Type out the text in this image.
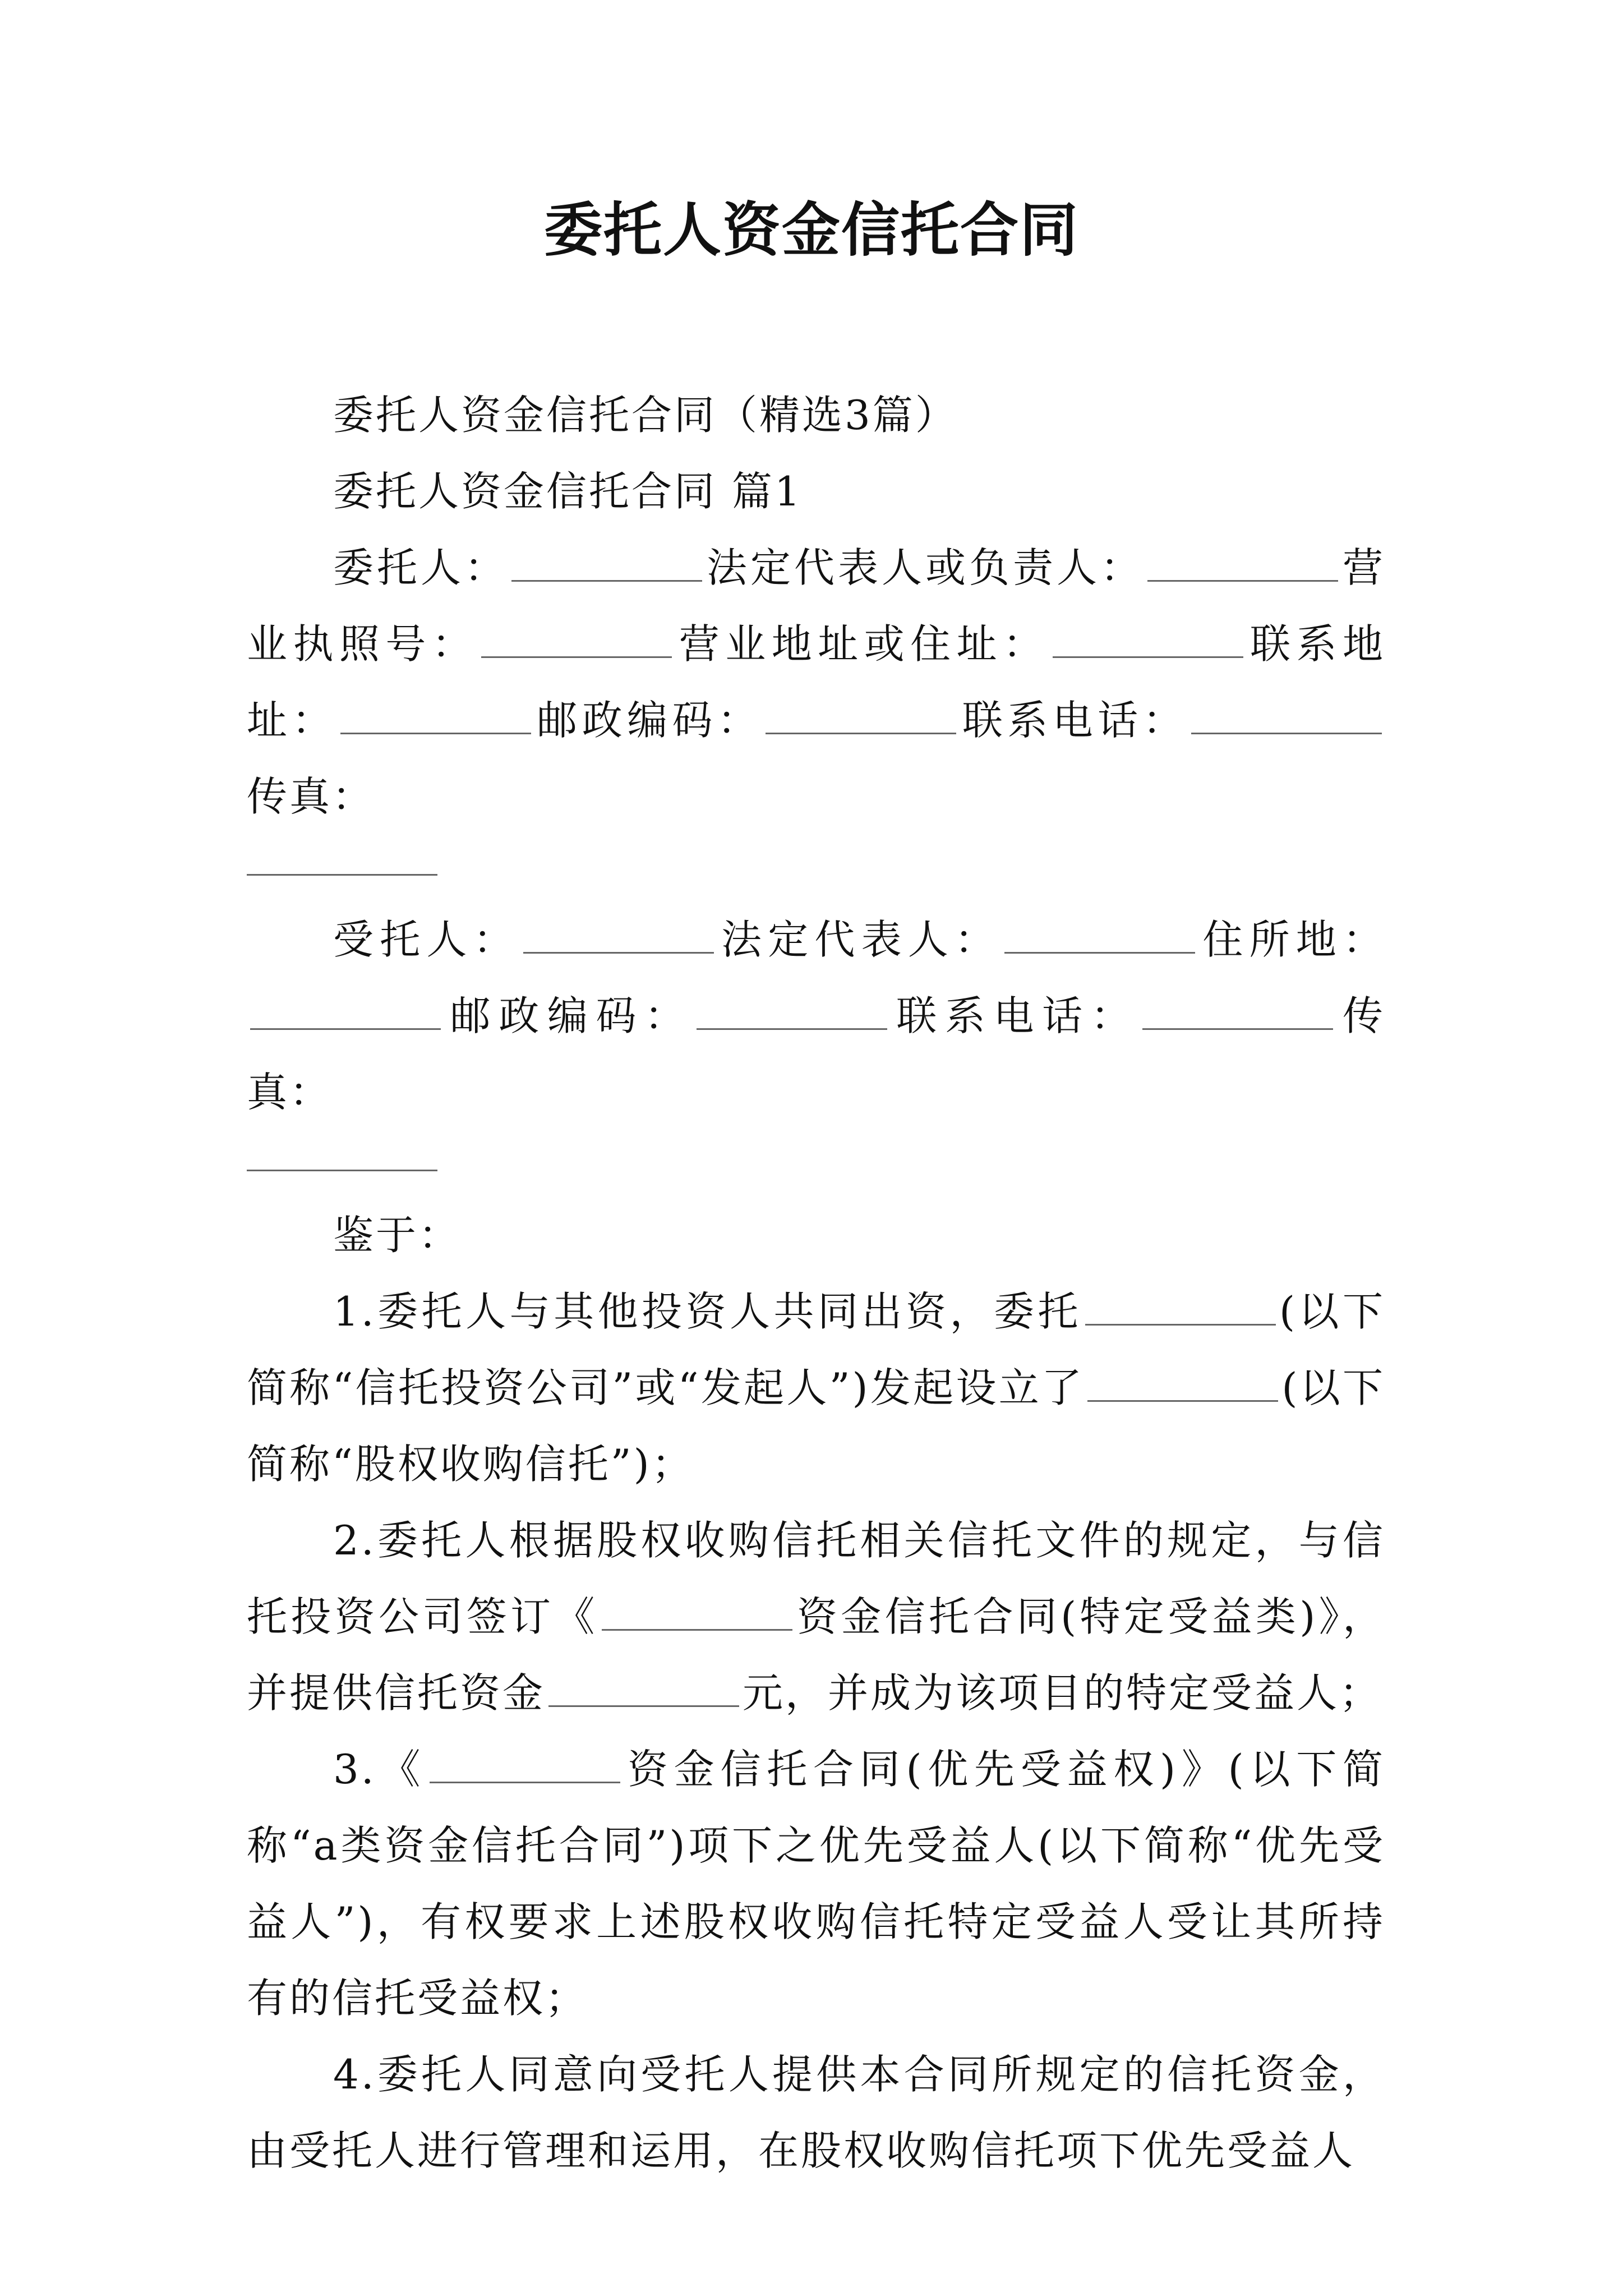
委托人资金信托合同

委托人资金信托合同（精选3篇）

委托人资金信托合同 篇1

委托人：	法定代表人或负责人：	营业执照号：	营业地址或住址：	联系地址：	邮政编码：	联系电话：传真：

受托人：	法定代表人：	住所地：邮政编码：	联系电话：	传真：

鉴于：

1.委托人与其他投资人共同出资，委托	(以下简称“信托投资公司”或“发起人”)发起设立了	(以下简称“股权收购信托”)；

2.委托人根据股权收购信托相关信托文件的规定，与信托投资公司签订《	资金信托合同(特定受益类)》，并提供信托资金	元，并成为该项目的特定受益人；

3.《	资金信托合同(优先受益权)》(以下简称“a类资金信托合同”)项下之优先受益人(以下简称“优先受益人”)，有权要求上述股权收购信托特定受益人受让其所持有的信托受益权；

4.委托人同意向受托人提供本合同所规定的信托资金，由受托人进行管理和运用，在股权收购信托项下优先受益人
